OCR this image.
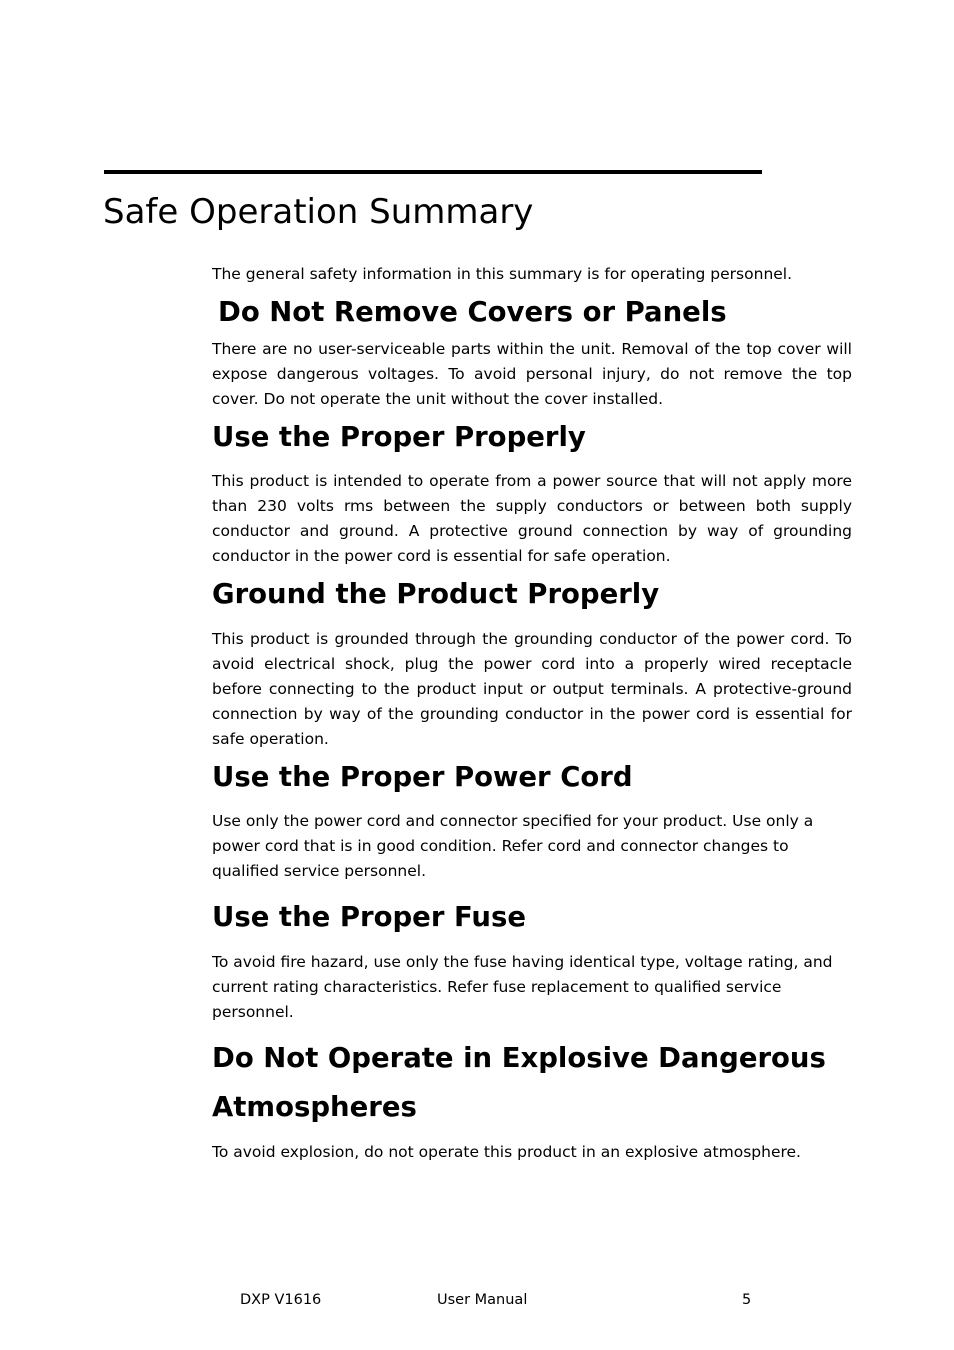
Safe Operation Summary

The general safety information in this summary is for operating personnel.

Do Not Remove Covers or Panels

There are no user-serviceable parts within the unit. Removal of the top cover will expose dangerous voltages. To avoid personal injury, do not remove the top cover. Do not operate the unit without the cover installed.

Use the Proper Properly

This product is intended to operate from a power source that will not apply more than 230 volts rms between the supply conductors or between both supply conductor and ground. A protective ground connection by way of grounding conductor in the power cord is essential for safe operation.

Ground the Product Properly

This product is grounded through the grounding conductor of the power cord. To avoid electrical shock, plug the power cord into a properly wired receptacle before connecting to the product input or output terminals. A protective-ground connection by way of the grounding conductor in the power cord is essential for safe operation.

Use the Proper Power Cord

Use only the power cord and connector specified for your product. Use only a power cord that is in good condition. Refer cord and connector changes to qualified service personnel.

Use the Proper Fuse

To avoid fire hazard, use only the fuse having identical type, voltage rating, and current rating characteristics. Refer fuse replacement to qualified service personnel.

Do Not Operate in Explosive Dangerous
Atmospheres

To avoid explosion, do not operate this product in an explosive atmosphere.

DXP V1616	User Manual	5
